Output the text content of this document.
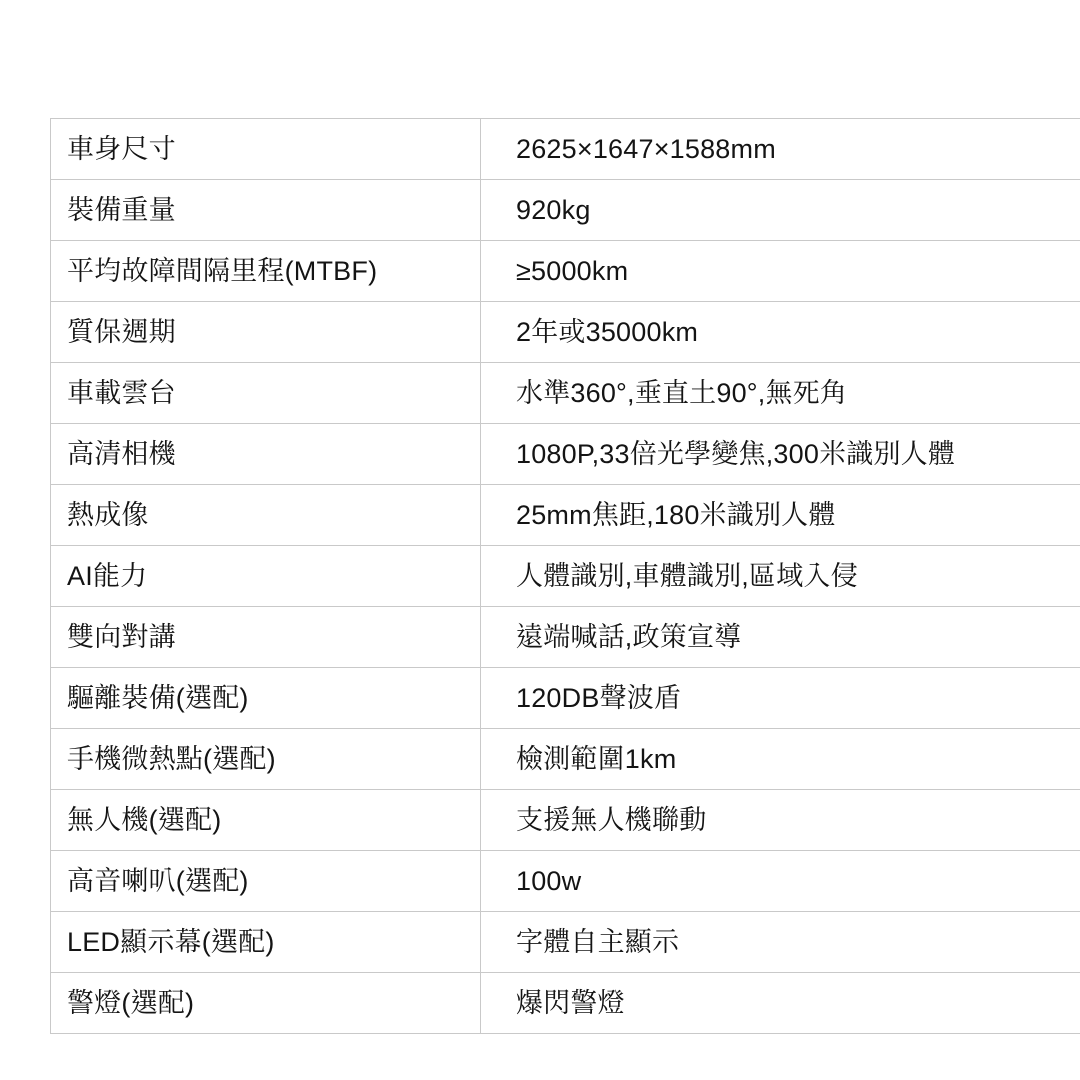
車身尺寸	2625×1647×1588mm
裝備重量	920kg
平均故障間隔里程(MTBF)	≥5000km
質保週期	2年或35000km
車載雲台	水準360°,垂直土90°,無死角
高清相機	1080P,33倍光學變焦,300米識別人體
熱成像	25mm焦距,180米識別人體
AI能力	人體識別,車體識別,區域入侵
雙向對講	遠端喊話,政策宣導
驅離裝備(選配)	120DB聲波盾
手機微熱點(選配)	檢測範圍1km
無人機(選配)	支援無人機聯動
高音喇叭(選配)	100w
LED顯示幕(選配)	字體自主顯示
警燈(選配)	爆閃警燈
